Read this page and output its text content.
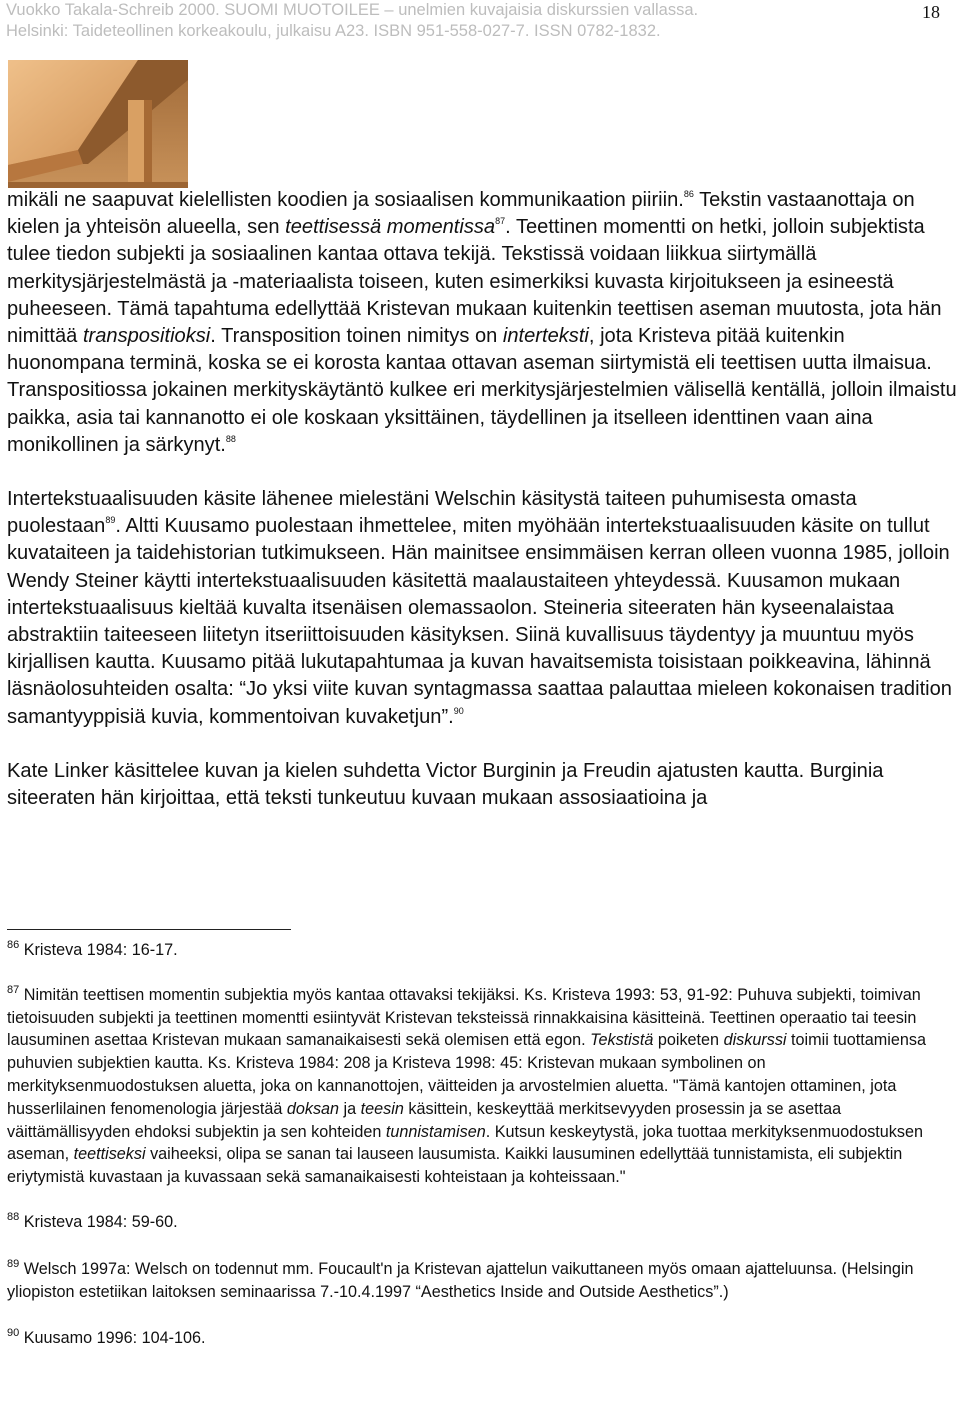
Vuokko Takala-Schreib 2000. SUOMI MUOTOILEE – unelmien kuvajaisia diskurssien vallassa.
Helsinki: Taideteollinen korkeakoulu, julkaisu A23. ISBN 951-558-027-7. ISSN 0782-1832.
18

mikäli ne saapuvat kielellisten koodien ja sosiaalisen kommunikaation piiriin.$^{86}$ Tekstin vastaanottaja on kielen ja yhteisön alueella, sen teettisessä momentissa$^{87}$. Teettinen momentti on hetki, jolloin subjektista tulee tiedon subjekti ja sosiaalinen kantaa ottava tekijä. Tekstissä voidaan liikkua siirtymällä merkitysjärjestelmästä ja -materiaalista toiseen, kuten esimerkiksi kuvasta kirjoitukseen ja esineestä puheeseen. Tämä tapahtuma edellyttää Kristevan mukaan kuitenkin teettisen aseman muutosta, jota hän nimittää transpositioksi. Transposition toinen nimitys on interteksti, jota Kristeva pitää kuitenkin huonompana terminä, koska se ei korosta kantaa ottavan aseman siirtymistä eli teettisen uutta ilmaisua. Transpositiossa jokainen merkityskäytäntö kulkee eri merkitysjärjestelmien välisellä kentällä, jolloin ilmaistu paikka, asia tai kannanotto ei ole koskaan yksittäinen, täydellinen ja itselleen identtinen vaan aina monikollinen ja särkynyt.$^{88}$

Intertekstuaalisuuden käsite lähenee mielestäni Welschin käsitystä taiteen puhumisesta omasta puolestaan$^{89}$. Altti Kuusamo puolestaan ihmettelee, miten myöhään intertekstuaalisuuden käsite on tullut kuvataiteen ja taidehistorian tutkimukseen. Hän mainitsee ensimmäisen kerran olleen vuonna 1985, jolloin Wendy Steiner käytti intertekstuaalisuuden käsitettä maalaustaiteen yhteydessä. Kuusamon mukaan intertekstuaalisuus kieltää kuvalta itsenäisen olemassaolon. Steineria siteeraten hän kyseenalaistaa abstraktiin taiteeseen liitetyn itseriittoisuuden käsityksen. Siinä kuvallisuus täydentyy ja muuntuu myös kirjallisen kautta. Kuusamo pitää lukutapahtumaa ja kuvan havaitsemista toisistaan poikkeavina, lähinnä läsnäolosuhteiden osalta: “Jo yksi viite kuvan syntagmassa saattaa palauttaa mieleen kokonaisen tradition samantyyppisiä kuvia, kommentoivan kuvaketjun”.$^{90}$

Kate Linker käsittelee kuvan ja kielen suhdetta Victor Burginin ja Freudin ajatusten kautta. Burginia siteeraten hän kirjoittaa, että teksti tunkeutuu kuvaan mukaan assosiaatioina ja

$^{86}$ Kristeva 1984: 16-17.

$^{87}$ Nimitän teettisen momentin subjektia myös kantaa ottavaksi tekijäksi. Ks. Kristeva 1993: 53, 91-92: Puhuva subjekti, toimivan tietoisuuden subjekti ja teettinen momentti esiintyvät Kristevan teksteissä rinnakkaisina käsitteinä. Teettinen operaatio tai teesin lausuminen asettaa Kristevan mukaan samanaikaisesti sekä olemisen että egon. Tekstistä poiketen diskurssi toimii tuottamiensa puhuvien subjektien kautta. Ks. Kristeva 1984: 208 ja Kristeva 1998: 45: Kristevan mukaan symbolinen on merkityksenmuodostuksen aluetta, joka on kannanottojen, väitteiden ja arvostelmien aluetta. "Tämä kantojen ottaminen, jota husserlilainen fenomenologia järjestää doksan ja teesin käsittein, keskeyttää merkitsevyyden prosessin ja se asettaa väittämällisyyden ehdoksi subjektin ja sen kohteiden tunnistamisen. Kutsun keskeytystä, joka tuottaa merkityksenmuodostuksen aseman, teettiseksi vaiheeksi, olipa se sanan tai lauseen lausumista. Kaikki lausuminen edellyttää tunnistamista, eli subjektin eriytymistä kuvastaan ja kuvassaan sekä samanaikaisesti kohteistaan ja kohteissaan."

$^{88}$ Kristeva 1984: 59-60.

$^{89}$ Welsch 1997a: Welsch on todennut mm. Foucault'n ja Kristevan ajattelun vaikuttaneen myös omaan ajatteluunsa. (Helsingin yliopiston estetiikan laitoksen seminaarissa 7.-10.4.1997 “Aesthetics Inside and Outside Aesthetics”.)

$^{90}$ Kuusamo 1996: 104-106.
